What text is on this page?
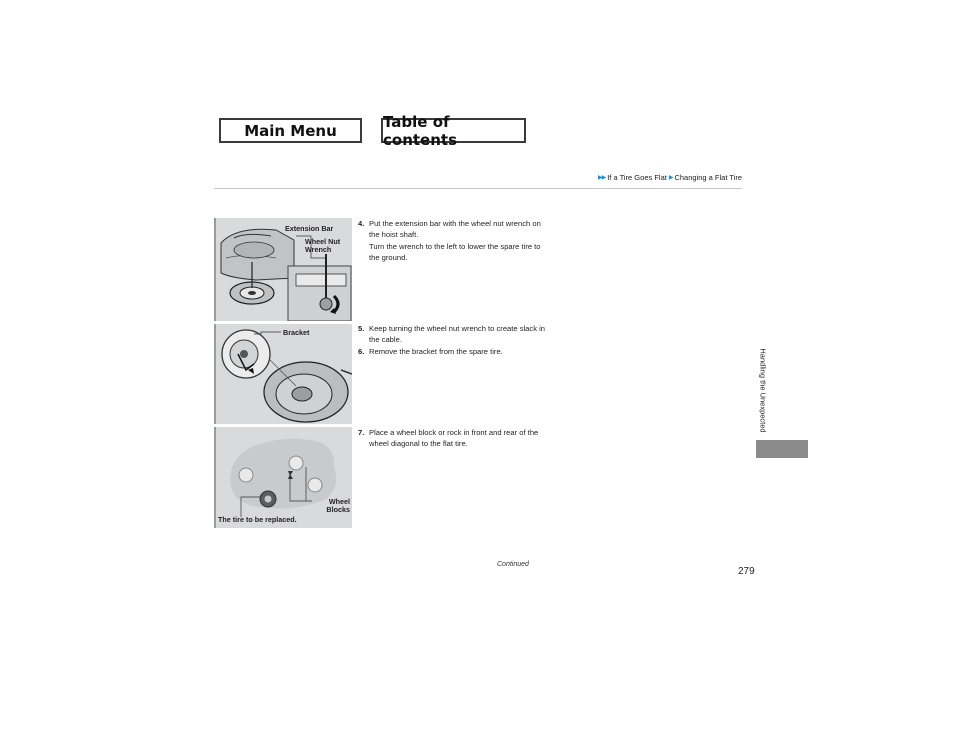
Main Menu	Table of contents
▶▶ If a Tire Goes Flat ▶ Changing a Flat Tire
Extension Bar
Wheel Nut Wrench
Bracket
Wheel Blocks
The tire to be replaced.
4. Put the extension bar with the wheel nut wrench on the hoist shaft.
Turn the wrench to the left to lower the spare tire to the ground.
5. Keep turning the wheel nut wrench to create slack in the cable.
6. Remove the bracket from the spare tire.
7. Place a wheel block or rock in front and rear of the wheel diagonal to the flat tire.
Handling the Unexpected
Continued
279
